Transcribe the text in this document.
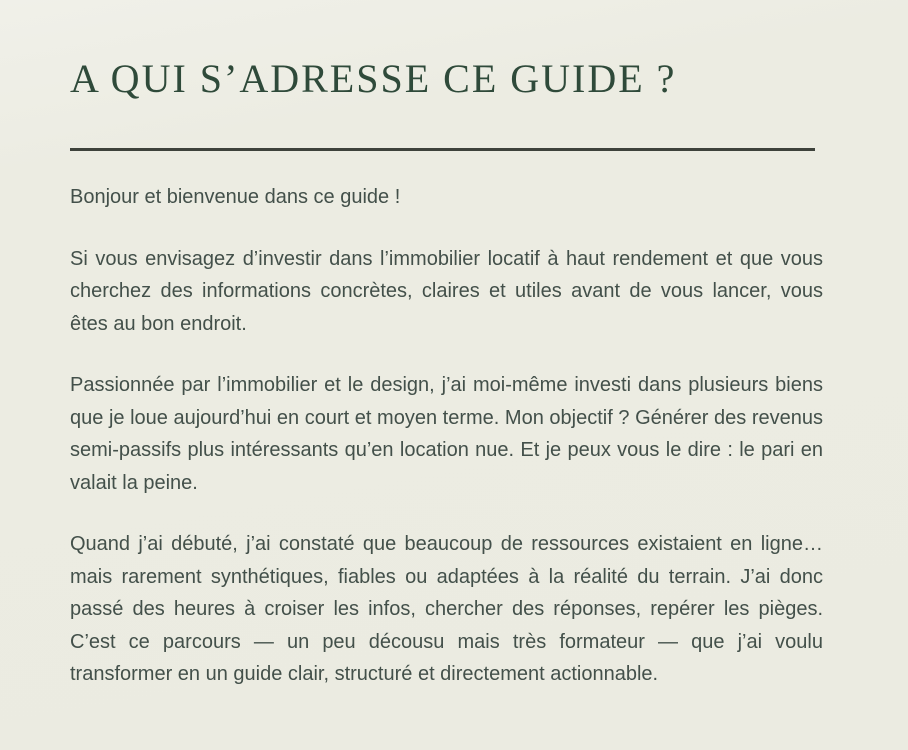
A QUI S’ADRESSE CE GUIDE ?

Bonjour et bienvenue dans ce guide !

Si vous envisagez d’investir dans l’immobilier locatif à haut rendement et que vous cherchez des informations concrètes, claires et utiles avant de vous lancer, vous êtes au bon endroit.

Passionnée par l’immobilier et le design, j’ai moi-même investi dans plusieurs biens que je loue aujourd’hui en court et moyen terme. Mon objectif ? Générer des revenus semi-passifs plus intéressants qu’en location nue. Et je peux vous le dire : le pari en valait la peine.

Quand j’ai débuté, j’ai constaté que beaucoup de ressources existaient en ligne… mais rarement synthétiques, fiables ou adaptées à la réalité du terrain. J’ai donc passé des heures à croiser les infos, chercher des réponses, repérer les pièges. C’est ce parcours — un peu décousu mais très formateur — que j’ai voulu transformer en un guide clair, structuré et directement actionnable.
